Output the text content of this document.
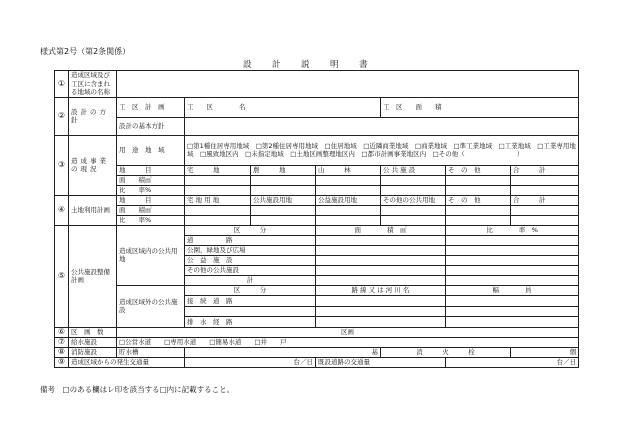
様式第2号（第2条関係）
設　計　説　明　書
①	造成区域及び工区に含まれる地域の名称							
②	設計の方針	工　区　計　画	工　　区　　　　名			工　区　　面　　積		
		設計の基本方針						
③	造成事業の現況	用　途　地　域	□第1種住居専用地域　□第2種住居専用地域　□住居地域　□近隣商業地域　□商業地域　□準工業地域　□工業地域　□工業専用地域　□風致地区内　□未指定地域　□土地区画整理地区内　□都市計画事業地区内　□その他（　　　　　　　　）					
		地　　　目	宅　　　地	農　　　地	山　　　林	公 共 施 設	そ　の　他	合　　　計
		面　　積㎡						
		比　　率%						
④	土地利用計画	地　　　目	宅 地 用 地	公共施設用地	公益施設用地	その他の公共用地	そ　の　他	合　　　計
		面　　積㎡						
		比　　率%						
⑤	公共施設整備計画	造成区域内の公共用地	区　　　分		面　　　　積　㎡		比　　　　率　%	
			道　　　　　路					
			公園，緑地及び広場					
			公　益　施　設					
			その他の公共施設					
			計					
		造成区域外の公共施設	区　　　分		路 線 又 は 河 川 名		幅　　　　員	
			接　続　道　路					

			排　水　経　路					
⑥	区　画　数	区画						
⑦	給水施設	□公営水道　　□専用水道　　□簡易水道　　□井　　戸						
⑧	消防施設	貯水槽	基			消　　　火　　　栓		個
⑨	造成区域からの発生交通量		台／日		既設道路の交通量		台／日	
備考　□のある欄はレ印を該当する□内に記載すること。
